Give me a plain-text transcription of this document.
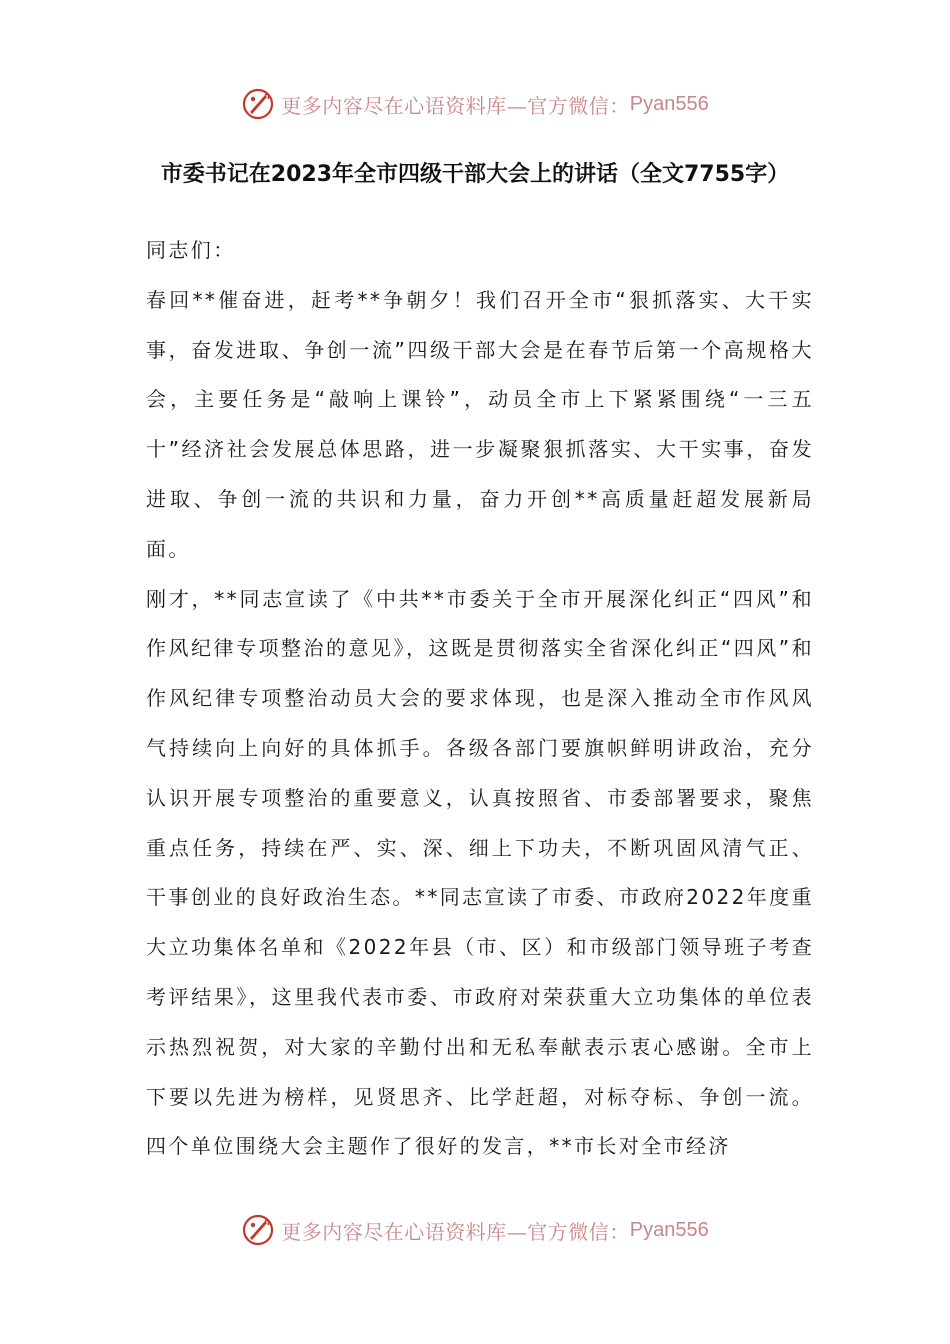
更多内容尽在心语资料库—官方微信： Pyan556
市委书记在2023年全市四级干部大会上的讲话（全文7755字）

同志们：

春回**催奋进，赶考**争朝夕！我们召开全市“狠抓落实、大干实事，奋发进取、争创一流”四级干部大会是在春节后第一个高规格大会，主要任务是“敲响上课铃”，动员全市上下紧紧围绕“一三五十”经济社会发展总体思路，进一步凝聚狠抓落实、大干实事，奋发进取、争创一流的共识和力量，奋力开创**高质量赶超发展新局面。

刚才，**同志宣读了《中共**市委关于全市开展深化纠正“四风”和作风纪律专项整治的意见》，这既是贯彻落实全省深化纠正“四风”和作风纪律专项整治动员大会的要求体现，也是深入推动全市作风风气持续向上向好的具体抓手。各级各部门要旗帜鲜明讲政治，充分认识开展专项整治的重要意义，认真按照省、市委部署要求，聚焦重点任务，持续在严、实、深、细上下功夫，不断巩固风清气正、干事创业的良好政治生态。**同志宣读了市委、市政府2022年度重大立功集体名单和《2022年县（市、区）和市级部门领导班子考查考评结果》，这里我代表市委、市政府对荣获重大立功集体的单位表示热烈祝贺，对大家的辛勤付出和无私奉献表示衷心感谢。全市上下要以先进为榜样，见贤思齐、比学赶超，对标夺标、争创一流。四个单位围绕大会主题作了很好的发言，**市长对全市经济

更多内容尽在心语资料库—官方微信： Pyan556
